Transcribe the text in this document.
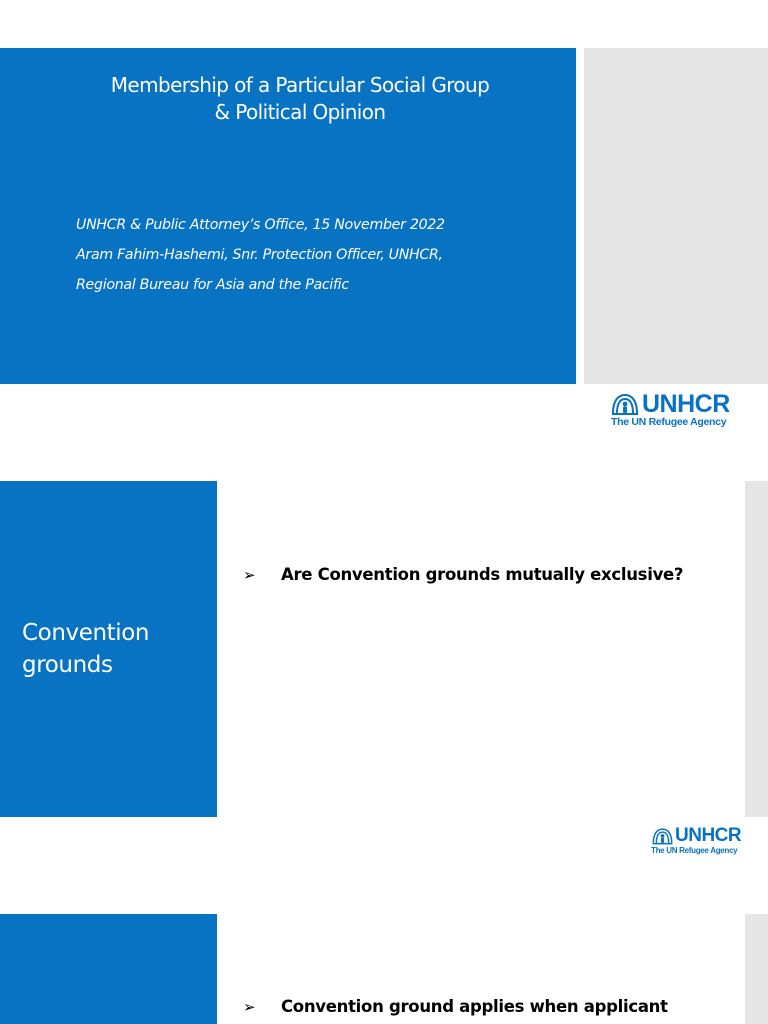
Membership of a Particular Social Group
& Political Opinion
UNHCR & Public Attorney’s Office, 15 November 2022
Aram Fahim-Hashemi, Snr. Protection Officer, UNHCR,
Regional Bureau for Asia and the Pacific
UNHCR
The UN Refugee Agency
Convention
grounds
➢	Are Convention grounds mutually exclusive?
UNHCR
The UN Refugee Agency
➢	Convention ground applies when applicant
